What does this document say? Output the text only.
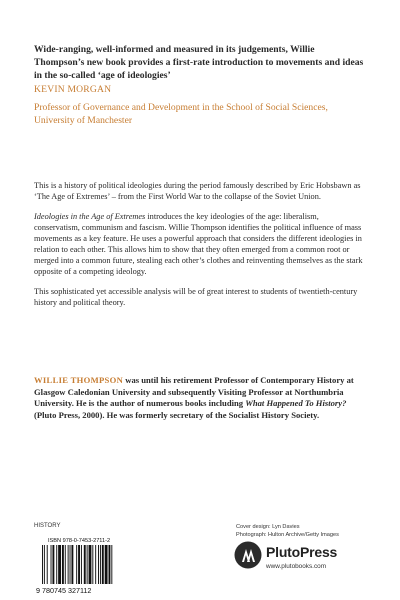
Wide-ranging, well-informed and measured in its judgements, Willie Thompson’s new book provides a first-rate introduction to movements and ideas in the so-called ‘age of ideologies’

KEVIN MORGAN

Professor of Governance and Development in the School of Social Sciences, University of Manchester

This is a history of political ideologies during the period famously described by Eric Hobsbawn as ‘The Age of Extremes’ – from the First World War to the collapse of the Soviet Union.

Ideologies in the Age of Extremes introduces the key ideologies of the age: liberalism, conservatism, communism and fascism. Willie Thompson identifies the political influence of mass movements as a key feature. He uses a powerful approach that considers the different ideologies in relation to each other. This allows him to show that they often emerged from a common root or merged into a common future, stealing each other’s clothes and reinventing themselves as the stark opposite of a competing ideology.

This sophisticated yet accessible analysis will be of great interest to students of twentieth-century history and political theory.

WILLIE THOMPSON was until his retirement Professor of Contemporary History at Glasgow Caledonian University and subsequently Visiting Professor at Northumbria University. He is the author of numerous books including What Happened To History? (Pluto Press, 2000). He was formerly secretary of the Socialist History Society.

HISTORY
ISBN 978-0-7453-2711-2
9 780745 327112
Cover design: Lyn Davies
Photograph: Hulton Archive/Getty Images
PlutoPress
www.plutobooks.com
